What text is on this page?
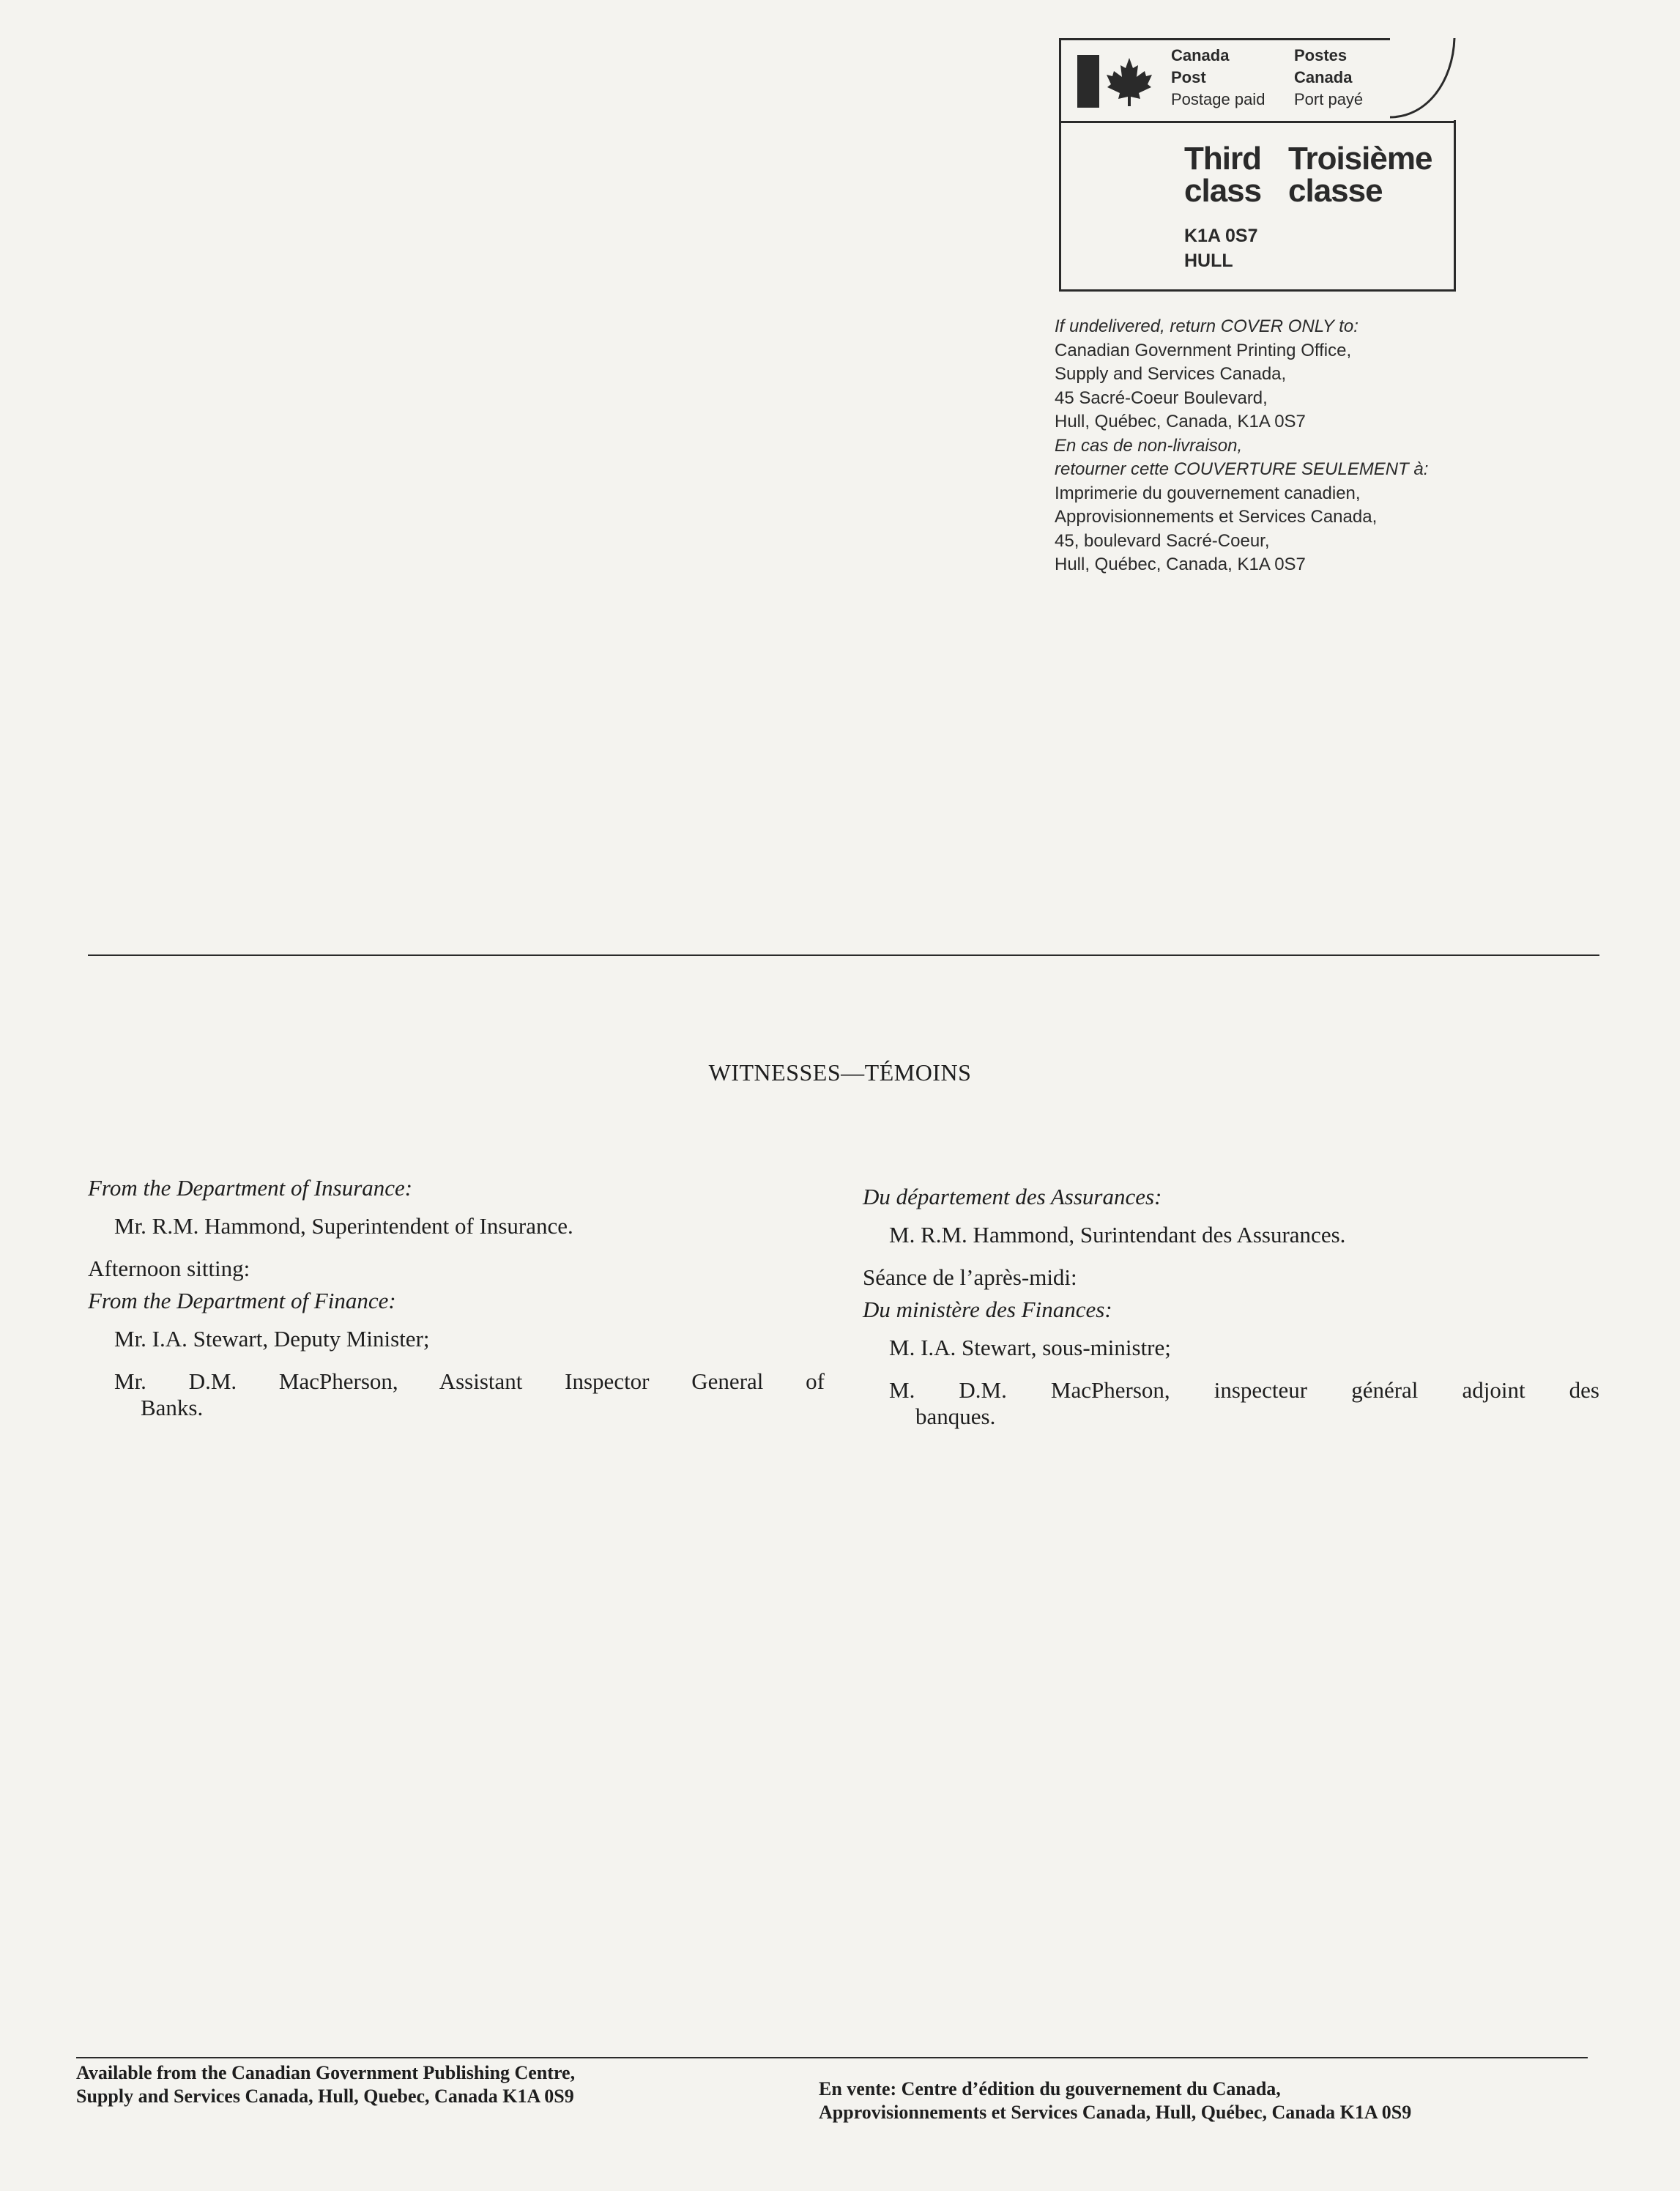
Canada
Post
Postage paid
Postes
Canada
Port payé
Third
class
Troisième
classe
K1A 0S7
HULL
If undelivered, return COVER ONLY to:
Canadian Government Printing Office,
Supply and Services Canada,
45 Sacré-Coeur Boulevard,
Hull, Québec, Canada, K1A 0S7
En cas de non-livraison,
retourner cette COUVERTURE SEULEMENT à:
Imprimerie du gouvernement canadien,
Approvisionnements et Services Canada,
45, boulevard Sacré-Coeur,
Hull, Québec, Canada, K1A 0S7
WITNESSES—TÉMOINS

From the Department of Insurance:

Mr. R.M. Hammond, Superintendent of Insurance.

Afternoon sitting:

From the Department of Finance:

Mr. I.A. Stewart, Deputy Minister;

Mr. D.M. MacPherson, Assistant Inspector General of

Banks.

Du département des Assurances:

M. R.M. Hammond, Surintendant des Assurances.

Séance de l’après-midi:

Du ministère des Finances:

M. I.A. Stewart, sous-ministre;

M. D.M. MacPherson, inspecteur général adjoint des

banques.

Available from the Canadian Government Publishing Centre,
Supply and Services Canada, Hull, Quebec, Canada K1A 0S9	En vente: Centre d’édition du gouvernement du Canada,
Approvisionnements et Services Canada, Hull, Québec, Canada K1A 0S9
